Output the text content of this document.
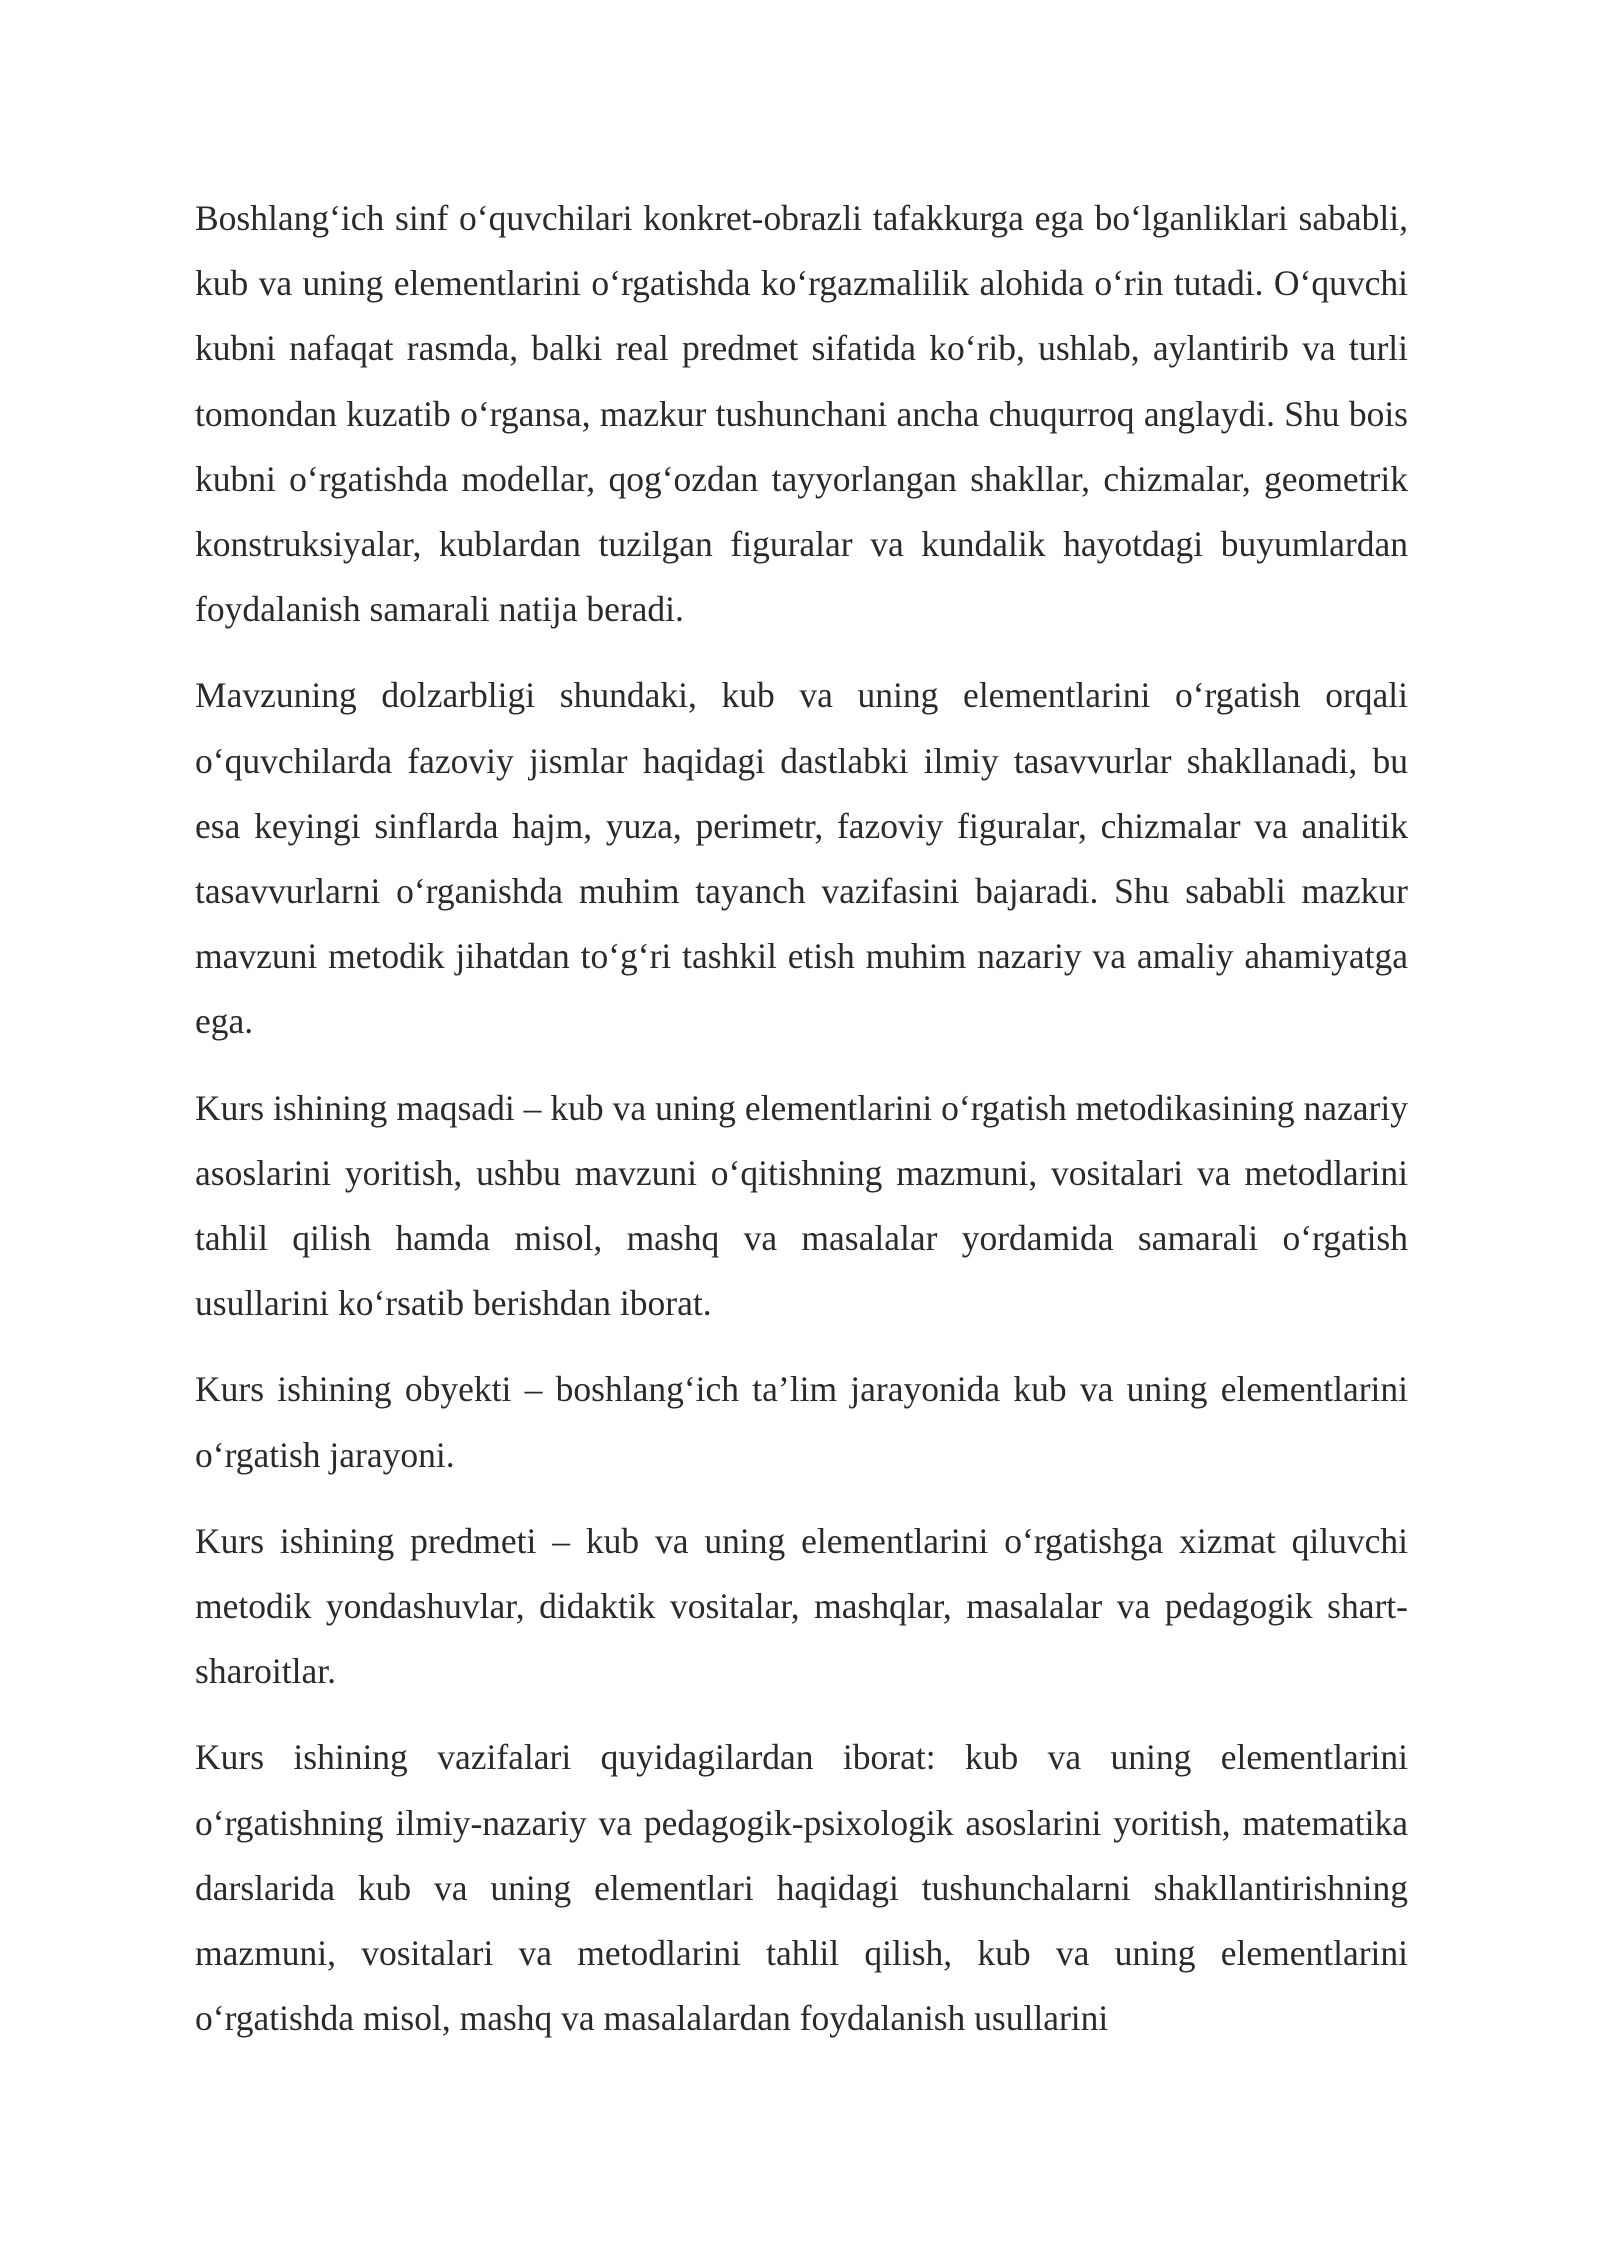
Boshlang‘ich sinf o‘quvchilari konkret-obrazli tafakkurga ega bo‘lganliklari sababli, kub va uning elementlarini o‘rgatishda ko‘rgazmalilik alohida o‘rin tutadi. O‘quvchi kubni nafaqat rasmda, balki real predmet sifatida ko‘rib, ushlab, aylantirib va turli tomondan kuzatib o‘rgansa, mazkur tushunchani ancha chuqurroq anglaydi. Shu bois kubni o‘rgatishda modellar, qog‘ozdan tayyorlangan shakllar, chizmalar, geometrik konstruksiyalar, kublardan tuzilgan figuralar va kundalik hayotdagi buyumlardan foydalanish samarali natija beradi.

Mavzuning dolzarbligi shundaki, kub va uning elementlarini o‘rgatish orqali o‘quvchilarda fazoviy jismlar haqidagi dastlabki ilmiy tasavvurlar shakllanadi, bu esa keyingi sinflarda hajm, yuza, perimetr, fazoviy figuralar, chizmalar va analitik tasavvurlarni o‘rganishda muhim tayanch vazifasini bajaradi. Shu sababli mazkur mavzuni metodik jihatdan to‘g‘ri tashkil etish muhim nazariy va amaliy ahamiyatga ega.

Kurs ishining maqsadi – kub va uning elementlarini o‘rgatish metodikasining nazariy asoslarini yoritish, ushbu mavzuni o‘qitishning mazmuni, vositalari va metodlarini tahlil qilish hamda misol, mashq va masalalar yordamida samarali o‘rgatish usullarini ko‘rsatib berishdan iborat.

Kurs ishining obyekti – boshlang‘ich ta’lim jarayonida kub va uning elementlarini o‘rgatish jarayoni.

Kurs ishining predmeti – kub va uning elementlarini o‘rgatishga xizmat qiluvchi metodik yondashuvlar, didaktik vositalar, mashqlar, masalalar va pedagogik shart-sharoitlar.

Kurs ishining vazifalari quyidagilardan iborat: kub va uning elementlarini o‘rgatishning ilmiy-nazariy va pedagogik-psixologik asoslarini yoritish, matematika darslarida kub va uning elementlari haqidagi tushunchalarni shakllantirishning mazmuni, vositalari va metodlarini tahlil qilish, kub va uning elementlarini o‘rgatishda misol, mashq va masalalardan foydalanish usullarini
